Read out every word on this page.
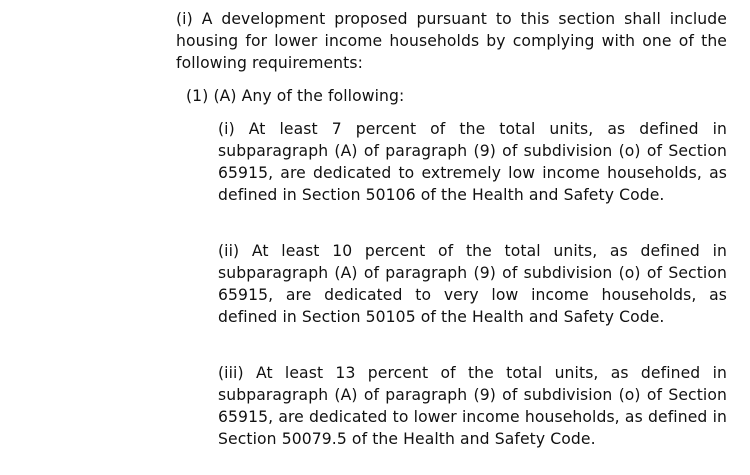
(i) A development proposed pursuant to this section shall include housing for lower income households by complying with one of the following requirements:

(1) (A) Any of the following:

(i) At least 7 percent of the total units, as defined in subparagraph (A) of paragraph (9) of subdivision (o) of Section 65915, are dedicated to extremely low income households, as defined in Section 50106 of the Health and Safety Code.

(ii) At least 10 percent of the total units, as defined in subparagraph (A) of paragraph (9) of subdivision (o) of Section 65915, are dedicated to very low income households, as defined in Section 50105 of the Health and Safety Code.

(iii) At least 13 percent of the total units, as defined in subparagraph (A) of paragraph (9) of subdivision (o) of Section 65915, are dedicated to lower income households, as defined in Section 50079.5 of the Health and Safety Code.
